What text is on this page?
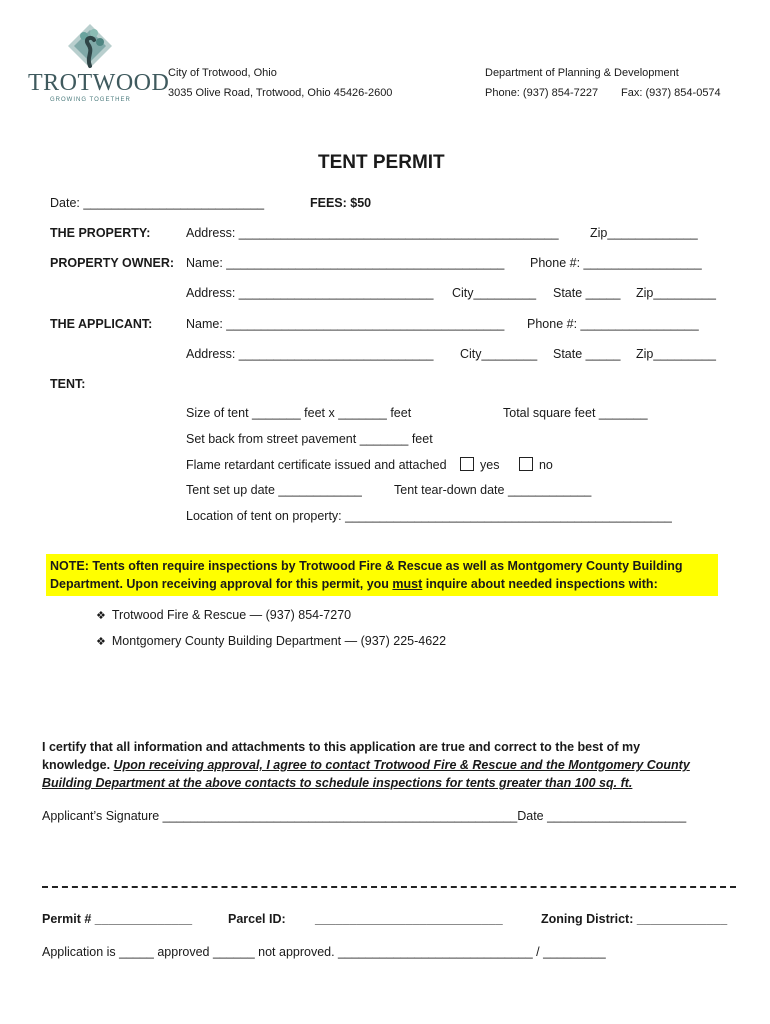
TROTWOOD
GROWING TOGETHER
City of Trotwood, Ohio
3035 Olive Road, Trotwood, Ohio 45426-2600
Department of Planning & Development
Phone: (937) 854-7227 Fax: (937) 854-0574
TENT PERMIT
Date: __________________________	FEES: $50
THE PROPERTY:	Address: ______________________________________________	Zip_____________
PROPERTY OWNER: Name: ________________________________________ Phone #: _________________
Address: ____________________________ City_________ State _____ Zip_________
THE APPLICANT:	Name: ________________________________________ Phone #: _________________
Address: ____________________________ City________ State _____ Zip_________
TENT:
Size of tent _______ feet x _______ feet	Total square feet _______
Set back from street pavement _______ feet
Flame retardant certificate issued and attached	yes	no
Tent set up date ____________	Tent tear-down date ____________
Location of tent on property: _______________________________________________
NOTE: Tents often require inspections by Trotwood Fire & Rescue as well as Montgomery County Building
Department. Upon receiving approval for this permit, you must inquire about needed inspections with:
❖ Trotwood Fire & Rescue — (937) 854-7270
❖ Montgomery County Building Department — (937) 225-4622
I certify that all information and attachments to this application are true and correct to the best of my
knowledge. Upon receiving approval, I agree to contact Trotwood Fire & Rescue and the Montgomery County
Building Department at the above contacts to schedule inspections for tents greater than 100 sq. ft.
Applicant’s Signature ___________________________________________________Date ____________________
Permit # ______________	Parcel ID: ___________________________	Zoning District: _____________
Application is _____ approved ______ not approved. ____________________________ / _________
